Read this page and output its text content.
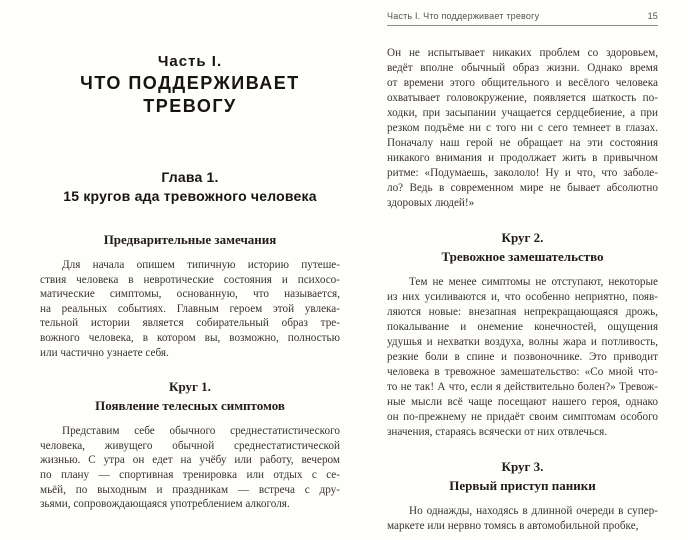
Часть I.
ЧТО ПОДДЕРЖИВАЕТ
ТРЕВОГУ
Глава 1.
15 кругов ада тревожного человека
Предварительные замечания
Для начала опишем типичную историю путеше-
ствия человека в невротические состояния и психосо-
матические симптомы, основанную, что называется,
на реальных событиях. Главным героем этой увлека-
тельной истории является собирательный образ тре-
вожного человека, в котором вы, возможно, полностью
или частично узнаете себя.
Круг 1.
Появление телесных симптомов
Представим себе обычного среднестатистического
человека, живущего обычной среднестатистической
жизнью. С утра он едет на учёбу или работу, вечером
по плану — спортивная тренировка или отдых с се-
мьёй, по выходным и праздникам — встреча с дру-
зьями, сопровождающаяся употреблением алкоголя.
Часть I. Что поддерживает тревогу	15
Он не испытывает никаких проблем со здоровьем,
ведёт вполне обычный образ жизни. Однако время
от времени этого общительного и весёлого человека
охватывает головокружение, появляется шаткость по-
ходки, при засыпании учащается сердцебиение, а при
резком подъёме ни с того ни с сего темнеет в глазах.
Поначалу наш герой не обращает на эти состояния
никакого внимания и продолжает жить в привычном
ритме: «Подумаешь, закололо! Ну и что, что заболе-
ло? Ведь в современном мире не бывает абсолютно
здоровых людей!»
Круг 2.
Тревожное замешательство
Тем не менее симптомы не отступают, некоторые
из них усиливаются и, что особенно неприятно, появ-
ляются новые: внезапная непрекращающаяся дрожь,
покалывание и онемение конечностей, ощущения
удушья и нехватки воздуха, волны жара и потливость,
резкие боли в спине и позвоночнике. Это приводит
человека в тревожное замешательство: «Со мной что-
то не так! А что, если я действительно болен?» Тревож-
ные мысли всё чаще посещают нашего героя, однако
он по-прежнему не придаёт своим симптомам особого
значения, стараясь всячески от них отвлечься.
Круг 3.
Первый приступ паники
Но однажды, находясь в длинной очереди в супер-
маркете или нервно томясь в автомобильной пробке,
